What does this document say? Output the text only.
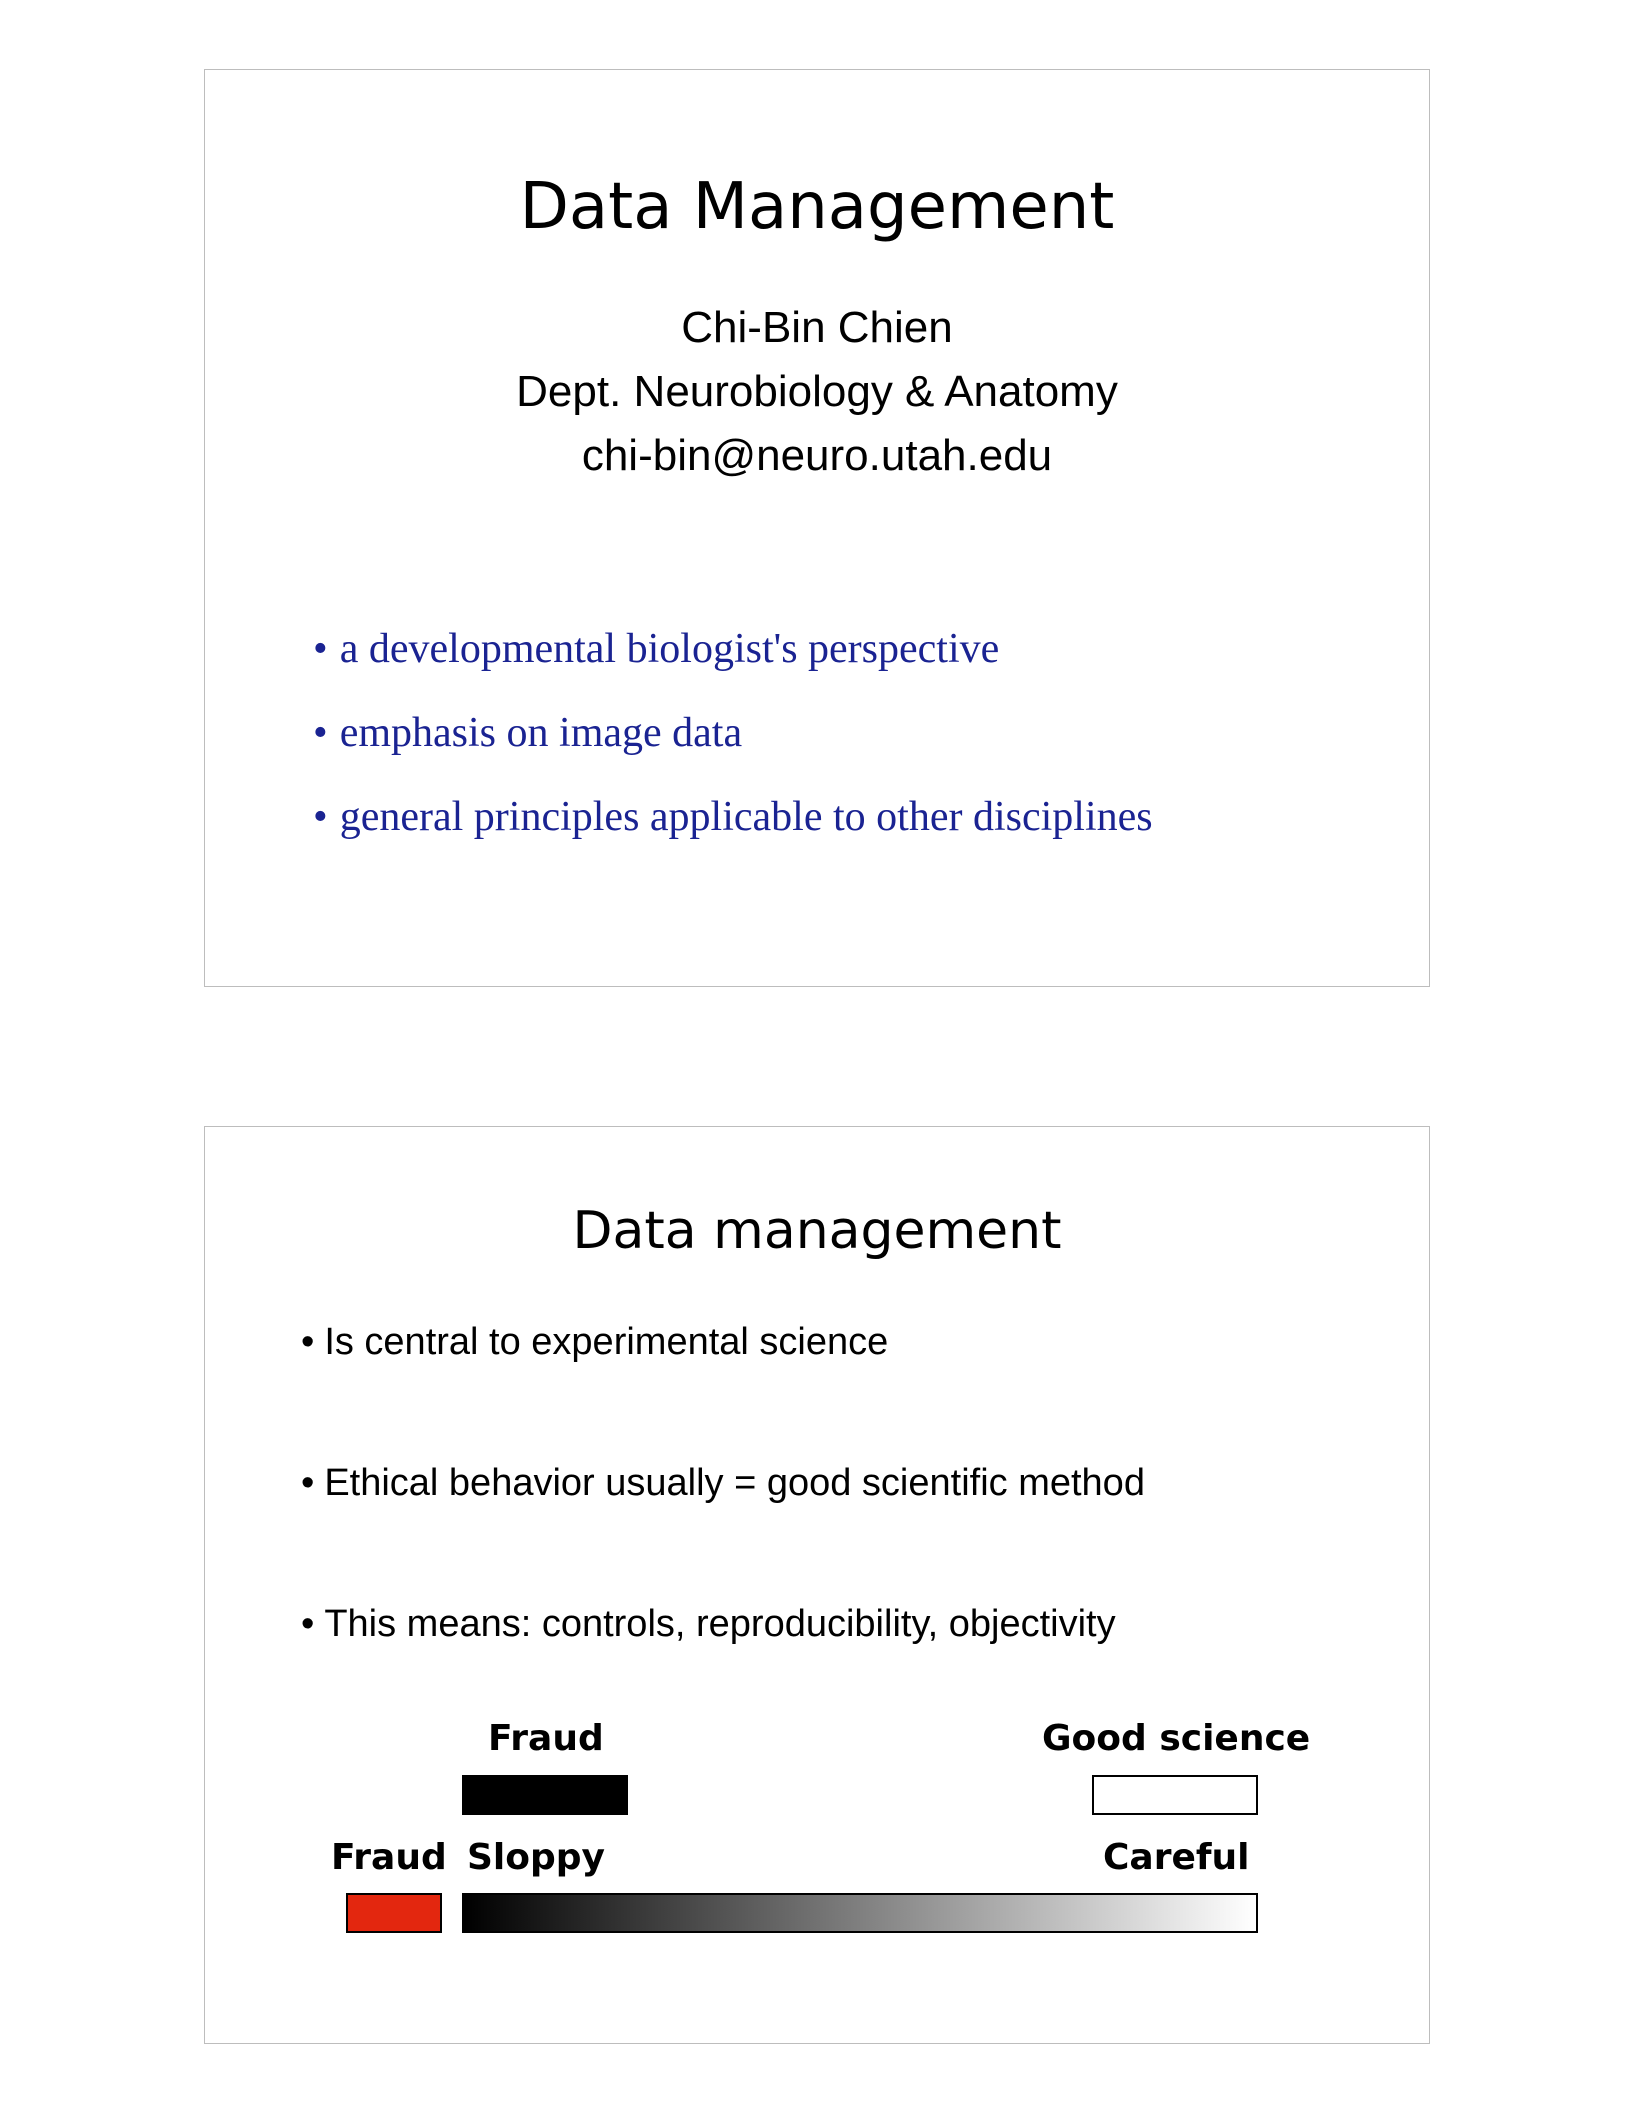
Data Management
Chi-Bin Chien
Dept. Neurobiology & Anatomy
chi-bin@neuro.utah.edu
• a developmental biologist's perspective
• emphasis on image data
• general principles applicable to other disciplines
Data management
• Is central to experimental science
• Ethical behavior usually = good scientific method
• This means: controls, reproducibility, objectivity
Fraud	Good science
Fraud Sloppy	Careful
